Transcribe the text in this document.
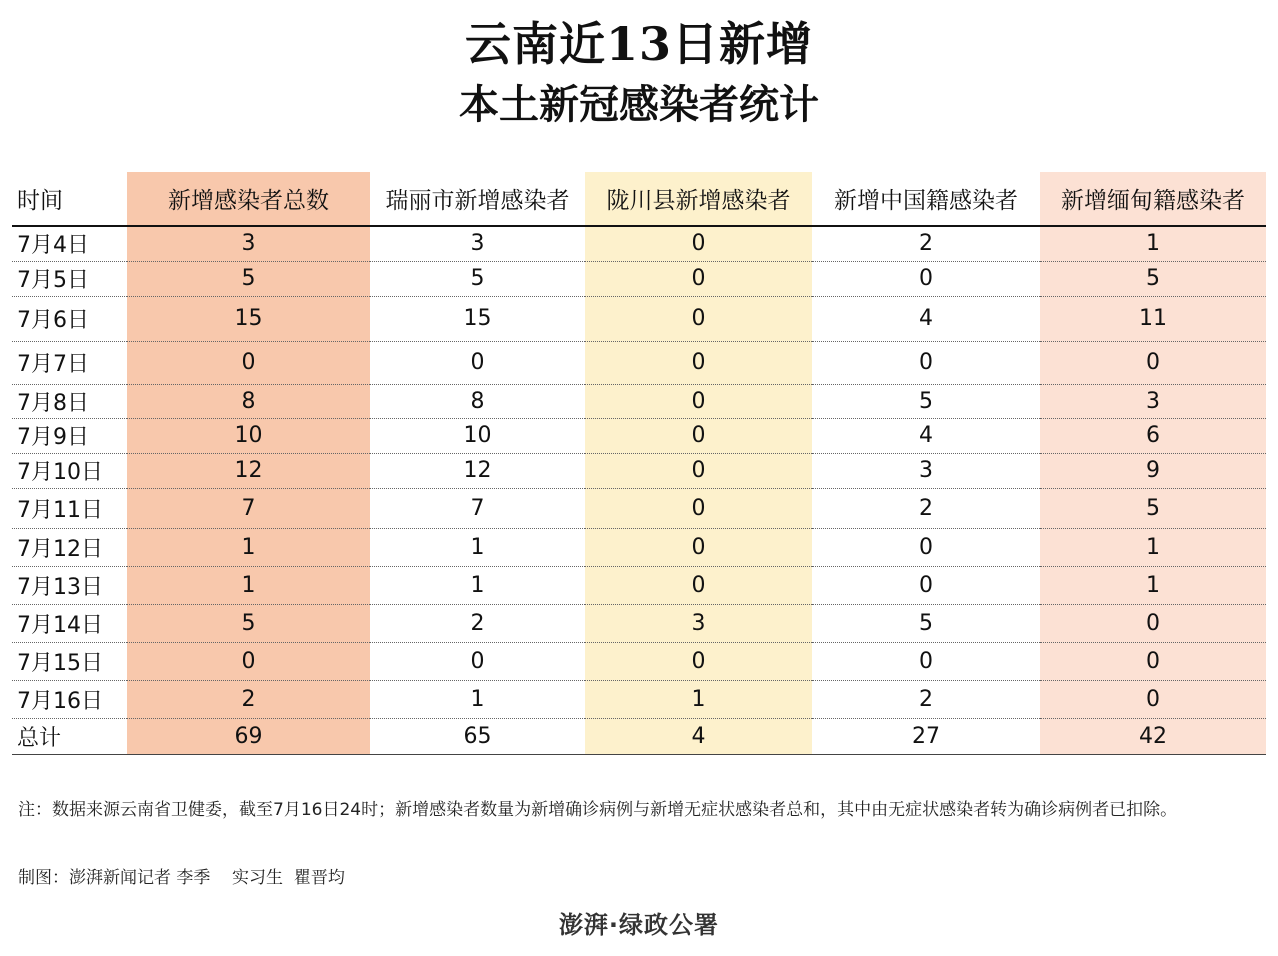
云南近13日新增
本土新冠感染者统计
时间	新增感染者总数	瑞丽市新增感染者	陇川县新增感染者	新增中国籍感染者	新增缅甸籍感染者
7月4日	3	3	0	2	1
7月5日	5	5	0	0	5
7月6日	15	15	0	4	11
7月7日	0	0	0	0	0
7月8日	8	8	0	5	3
7月9日	10	10	0	4	6
7月10日	12	12	0	3	9
7月11日	7	7	0	2	5
7月12日	1	1	0	0	1
7月13日	1	1	0	0	1
7月14日	5	2	3	5	0
7月15日	0	0	0	0	0
7月16日	2	1	1	2	0
总计	69	65	4	27	42
注：数据来源云南省卫健委，截至7月16日24时；新增感染者数量为新增确诊病例与新增无症状感染者总和，其中由无症状感染者转为确诊病例者已扣除。
制图：澎湃新闻记者 李季    实习生  瞿晋均
澎湃·绿政公署
